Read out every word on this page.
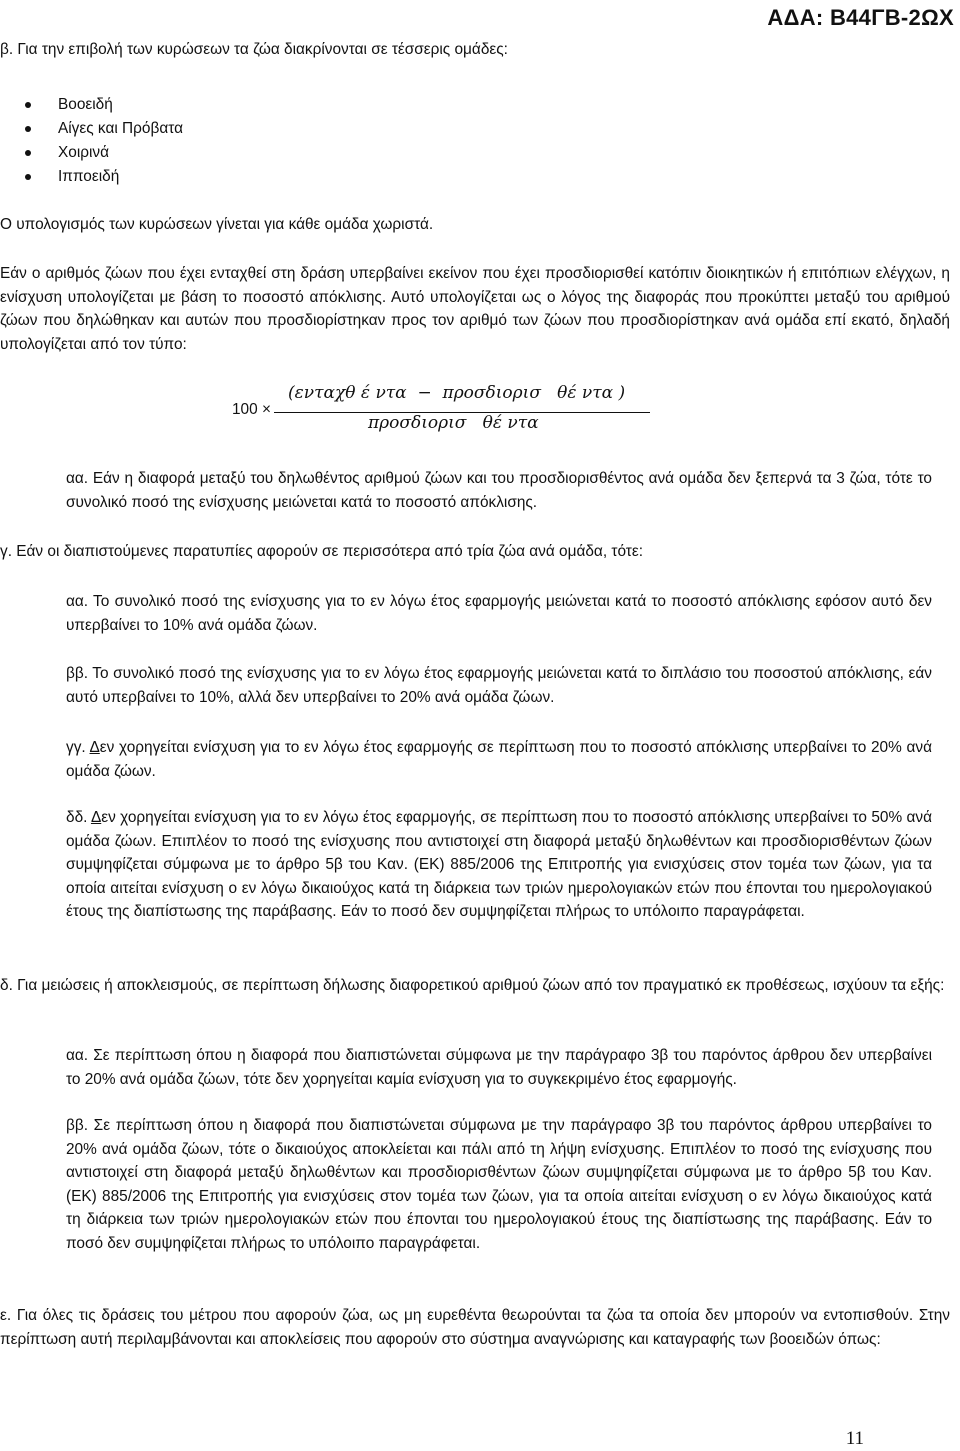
ΑΔΑ: Β44ΓΒ-2ΩΧ

β. Για την επιβολή των κυρώσεων τα ζώα διακρίνονται σε τέσσερις ομάδες:

Βοοειδή
Αίγες και Πρόβατα
Χοιρινά
Ιπποειδή

Ο υπολογισμός των κυρώσεων γίνεται για κάθε ομάδα χωριστά.

Εάν ο αριθμός ζώων που έχει ενταχθεί στη δράση υπερβαίνει εκείνον που έχει προσδιορισθεί κατόπιν διοικητικών ή επιτόπιων ελέγχων, η ενίσχυση υπολογίζεται με βάση το ποσοστό απόκλισης. Αυτό υπολογίζεται ως ο λόγος της διαφοράς που προκύπτει μεταξύ του αριθμού ζώων που δηλώθηκαν και αυτών που προσδιορίστηκαν προς τον αριθμό των ζώων που προσδιορίστηκαν ανά ομάδα επί εκατό, δηλαδή υπολογίζεται από τον τύπο:

100 ×
(ενταχθ έ ντα  −  προσδιορισ   θέ ντα )
προσδιορισ   θέ ντα

αα. Εάν η διαφορά μεταξύ του δηλωθέντος αριθμού ζώων και του προσδιορισθέντος ανά ομάδα δεν ξεπερνά τα 3 ζώα, τότε το συνολικό ποσό της ενίσχυσης μειώνεται κατά το ποσοστό απόκλισης.

γ. Εάν οι διαπιστούμενες παρατυπίες αφορούν σε περισσότερα από τρία ζώα ανά ομάδα, τότε:

αα. Το συνολικό ποσό της ενίσχυσης για το εν λόγω έτος εφαρμογής μειώνεται κατά το ποσοστό απόκλισης εφόσον αυτό δεν υπερβαίνει το 10% ανά ομάδα ζώων.

ββ. Το συνολικό ποσό της ενίσχυσης για το εν λόγω έτος εφαρμογής μειώνεται κατά το διπλάσιο του ποσοστού απόκλισης, εάν αυτό υπερβαίνει το 10%, αλλά δεν υπερβαίνει το 20% ανά ομάδα ζώων.

γγ. Δεν χορηγείται ενίσχυση για το εν λόγω έτος εφαρμογής σε περίπτωση που το ποσοστό απόκλισης υπερβαίνει το 20% ανά ομάδα ζώων.

δδ. Δεν χορηγείται ενίσχυση για το εν λόγω έτος εφαρμογής, σε περίπτωση που το ποσοστό απόκλισης υπερβαίνει το 50% ανά ομάδα ζώων. Επιπλέον το ποσό της ενίσχυσης που αντιστοιχεί στη διαφορά μεταξύ δηλωθέντων και προσδιορισθέντων ζώων συμψηφίζεται σύμφωνα με το άρθρο 5β του Καν. (ΕΚ) 885/2006 της Επιτροπής για ενισχύσεις στον τομέα των ζώων, για τα οποία αιτείται ενίσχυση ο εν λόγω δικαιούχος κατά τη διάρκεια των τριών ημερολογιακών ετών που έπονται του ημερολογιακού έτους της διαπίστωσης της παράβασης. Εάν το ποσό δεν συμψηφίζεται πλήρως το υπόλοιπο παραγράφεται.

δ. Για μειώσεις ή αποκλεισμούς, σε περίπτωση δήλωσης διαφορετικού αριθμού ζώων από τον πραγματικό εκ προθέσεως, ισχύουν τα εξής:

αα. Σε περίπτωση όπου η διαφορά που διαπιστώνεται σύμφωνα με την παράγραφο 3β του παρόντος άρθρου δεν υπερβαίνει το 20% ανά ομάδα ζώων, τότε δεν χορηγείται καμία ενίσχυση για το συγκεκριμένο έτος εφαρμογής.

ββ. Σε περίπτωση όπου η διαφορά που διαπιστώνεται σύμφωνα με την παράγραφο 3β του παρόντος άρθρου υπερβαίνει το 20% ανά ομάδα ζώων, τότε ο δικαιούχος αποκλείεται και πάλι από τη λήψη ενίσχυσης. Επιπλέον το ποσό της ενίσχυσης που αντιστοιχεί στη διαφορά μεταξύ δηλωθέντων και προσδιορισθέντων ζώων συμψηφίζεται σύμφωνα με το άρθρο 5β του Καν. (ΕΚ) 885/2006 της Επιτροπής για ενισχύσεις στον τομέα των ζώων, για τα οποία αιτείται ενίσχυση ο εν λόγω δικαιούχος κατά τη διάρκεια των τριών ημερολογιακών ετών που έπονται του ημερολογιακού έτους της διαπίστωσης της παράβασης. Εάν το ποσό δεν συμψηφίζεται πλήρως το υπόλοιπο παραγράφεται.

ε. Για όλες τις δράσεις του μέτρου που αφορούν ζώα, ως μη ευρεθέντα θεωρούνται τα ζώα τα οποία δεν μπορούν να εντοπισθούν. Στην περίπτωση αυτή περιλαμβάνονται και αποκλείσεις που αφορούν στο σύστημα αναγνώρισης και καταγραφής των βοοειδών όπως:

11
